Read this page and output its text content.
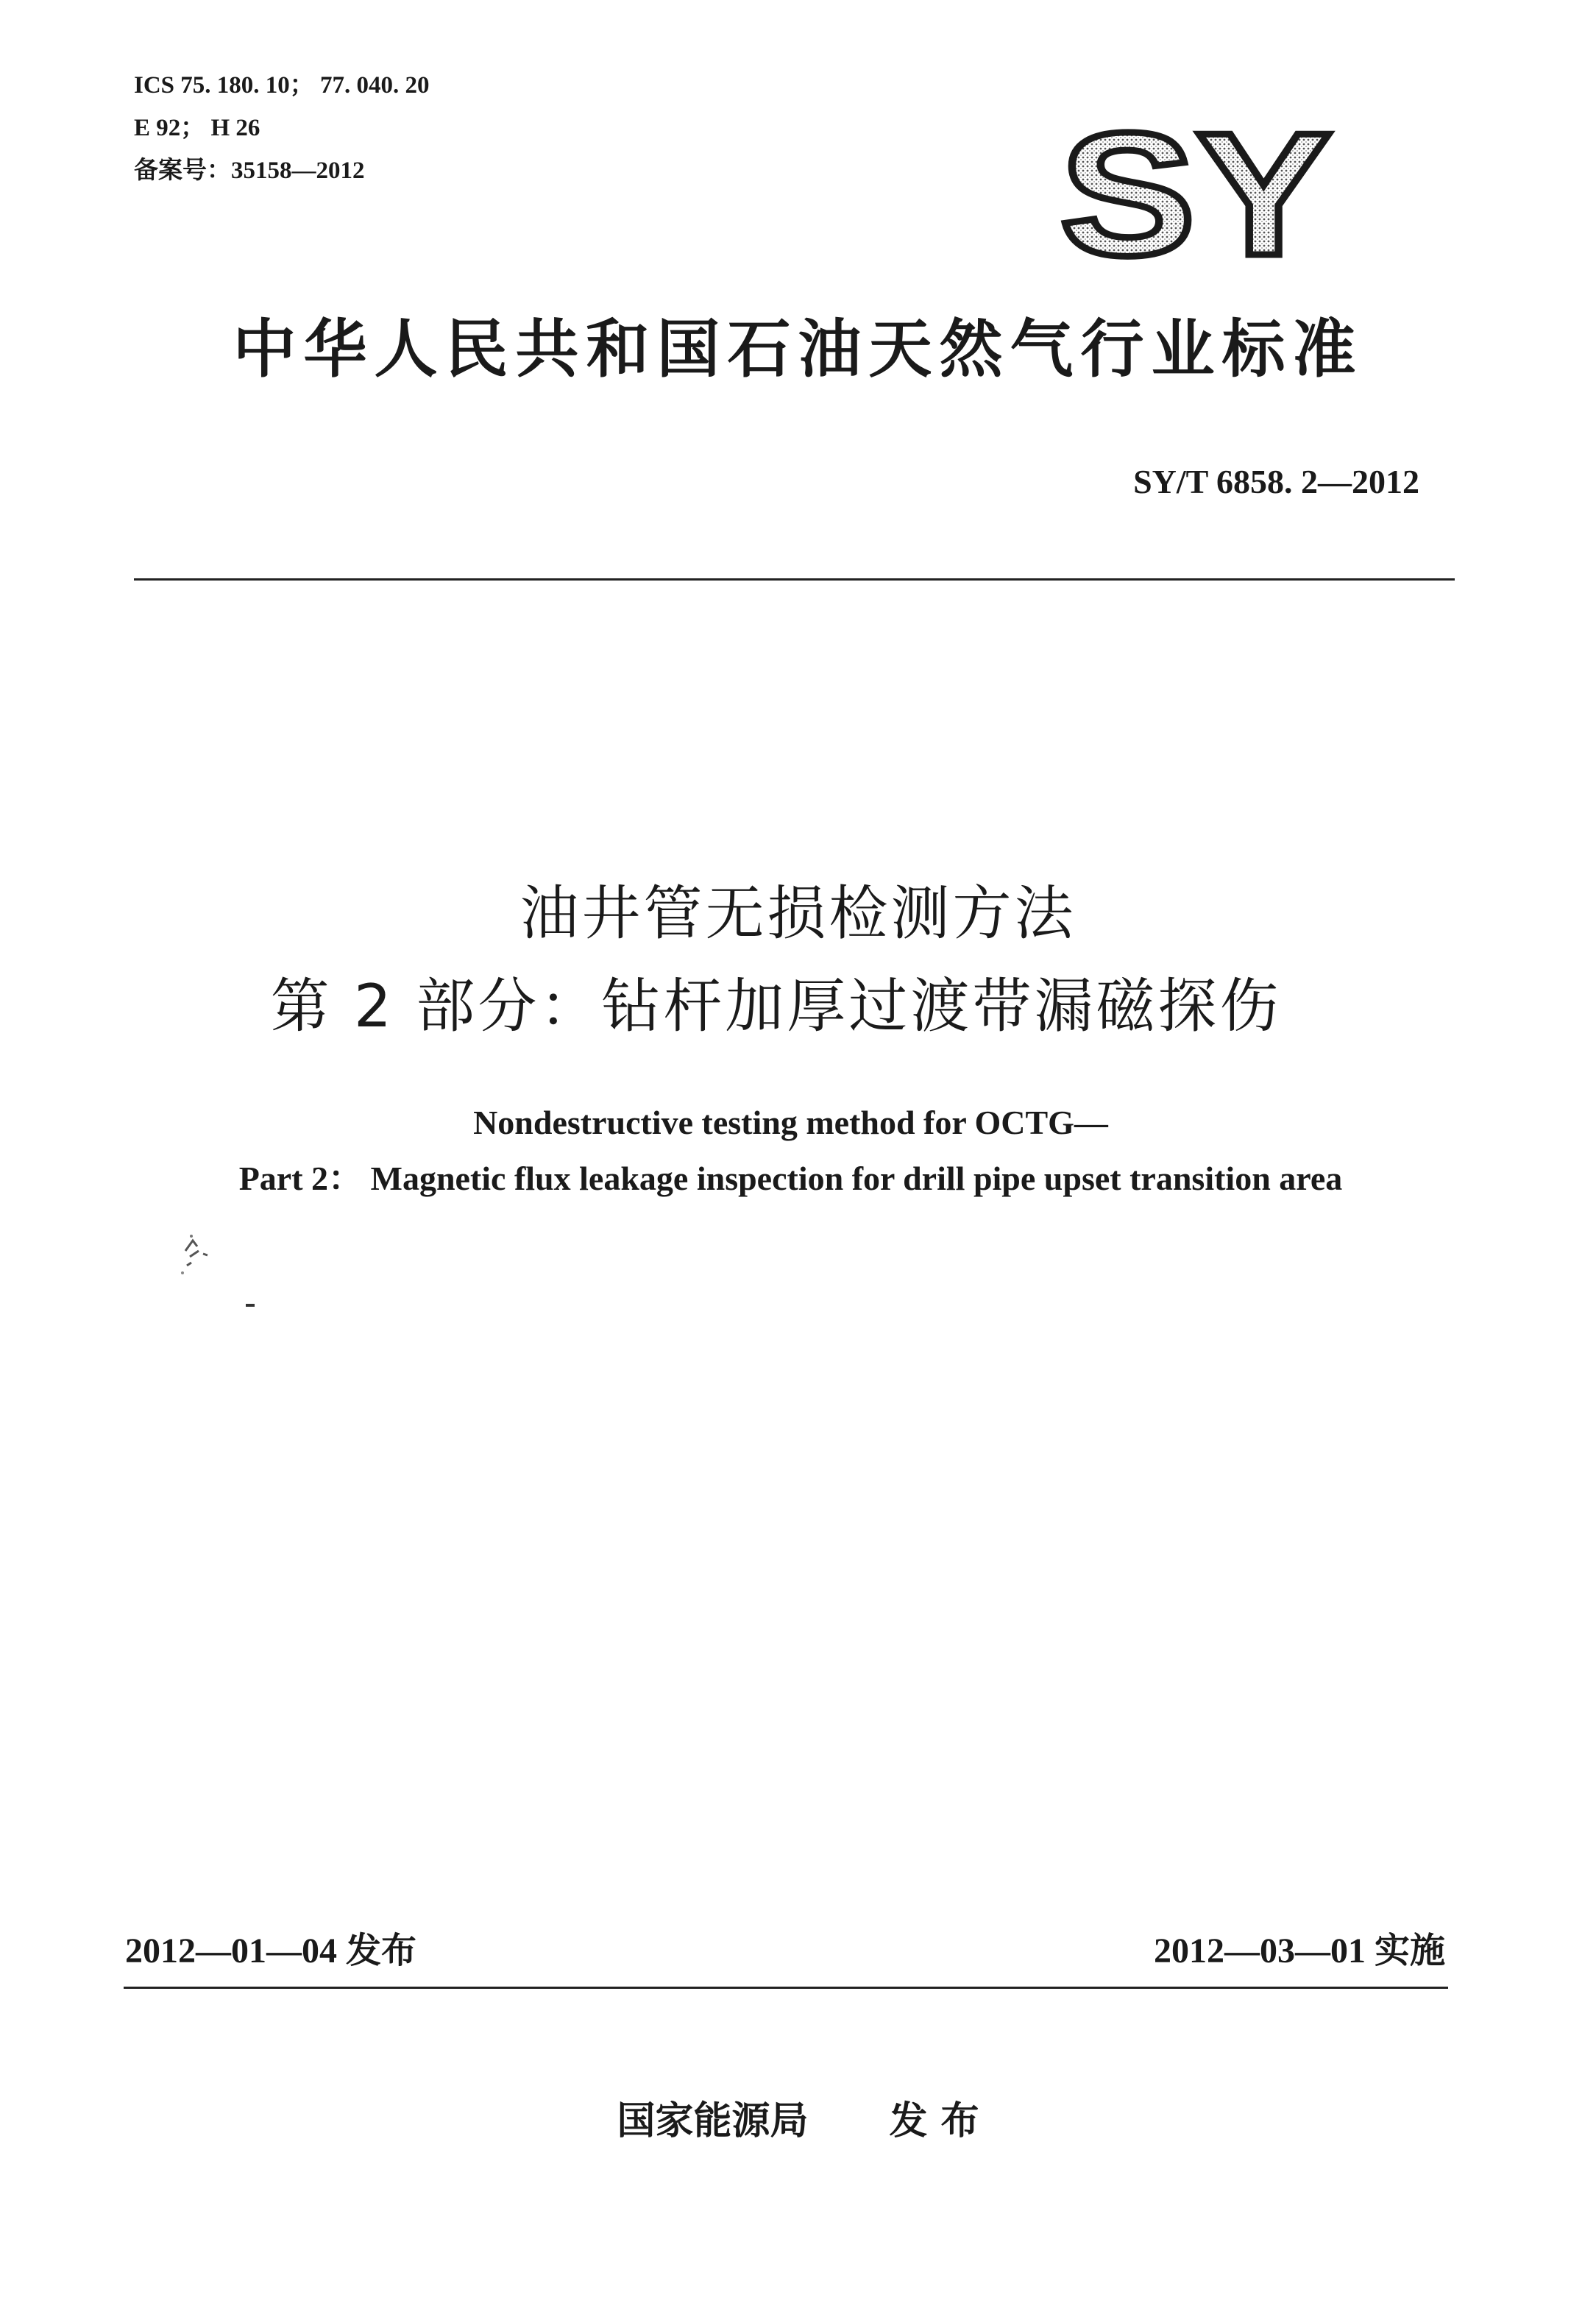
ICS 75. 180. 10； 77. 040. 20
E 92； H 26
备案号：35158—2012	SY
中华人民共和国石油天然气行业标准
SY/T 6858. 2—2012
油井管无损检测方法
第 2 部分：钻杆加厚过渡带漏磁探伤
Nondestructive testing method for OCTG—
Part 2： Magnetic flux leakage inspection for drill pipe upset transition area
2012—01—04 发布	2012—03—01 实施
国家能源局 发 布
